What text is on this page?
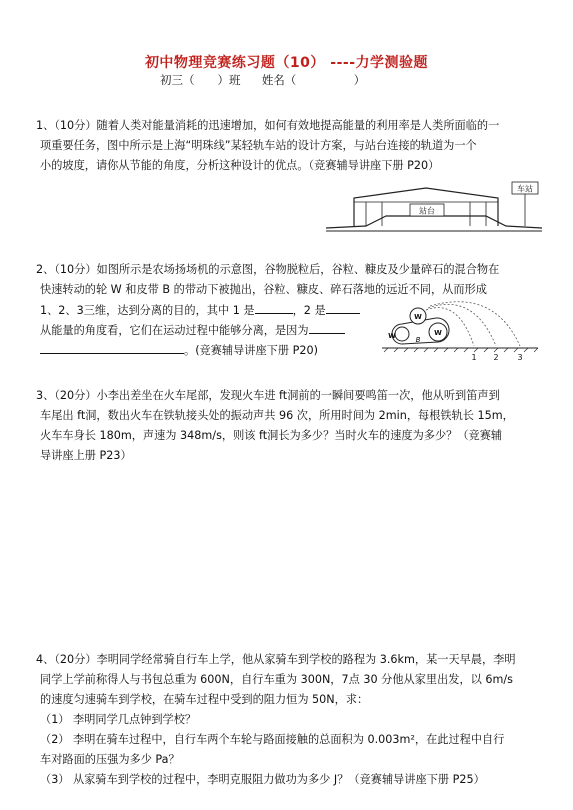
初中物理竞赛练习题（10） ----力学测验题
初三（　　）班 姓名（　　　　　）
1、（10分）随着人类对能量消耗的迅速增加，如何有效地提高能量的利用率是人类所面临的一
项重要任务，图中所示是上海“明珠线”某轻轨车站的设计方案，与站台连接的轨道为一个
小的坡度，请你从节能的角度，分析这种设计的优点。（竞赛辅导讲座下册 P20）
站台
车站
2、（10分）如图所示是农场扬场机的示意图，谷物脱粒后，谷粒、糠皮及少量碎石的混合物在
快速转动的轮 W 和皮带 B 的带动下被抛出，谷粒、糠皮、碎石落地的远近不同，从而形成
1、2、3三维，达到分离的目的，其中 1 是	，2 是
从能量的角度看，它们在运动过程中能够分离，是因为
。(竞赛辅导讲座下册 P20)
W
W	W
B
1 2 3
3、（20分）小李出差坐在火车尾部，发现火车进 ft洞前的一瞬间要鸣笛一次，他从听到笛声到
车尾出 ft洞，数出火车在铁轨接头处的振动声共 96 次，所用时间为 2min，每根铁轨长 15m，
火车车身长 180m，声速为 348m/s，则该 ft洞长为多少？当时火车的速度为多少？（竞赛辅
导讲座上册 P23）
4、（20分）李明同学经常骑自行车上学，他从家骑车到学校的路程为 3.6km，某一天早晨，李明
同学上学前称得人与书包总重为 600N，自行车重为 300N，7点 30 分他从家里出发，以 6m/s
的速度匀速骑车到学校，在骑车过程中受到的阻力恒为 50N，求：
（1） 李明同学几点钟到学校？
（2） 李明在骑车过程中，自行车两个车轮与路面接触的总面积为 0.003m²，在此过程中自行
车对路面的压强为多少 Pa？
（3） 从家骑车到学校的过程中，李明克服阻力做功为多少 J？（竞赛辅导讲座下册 P25）
